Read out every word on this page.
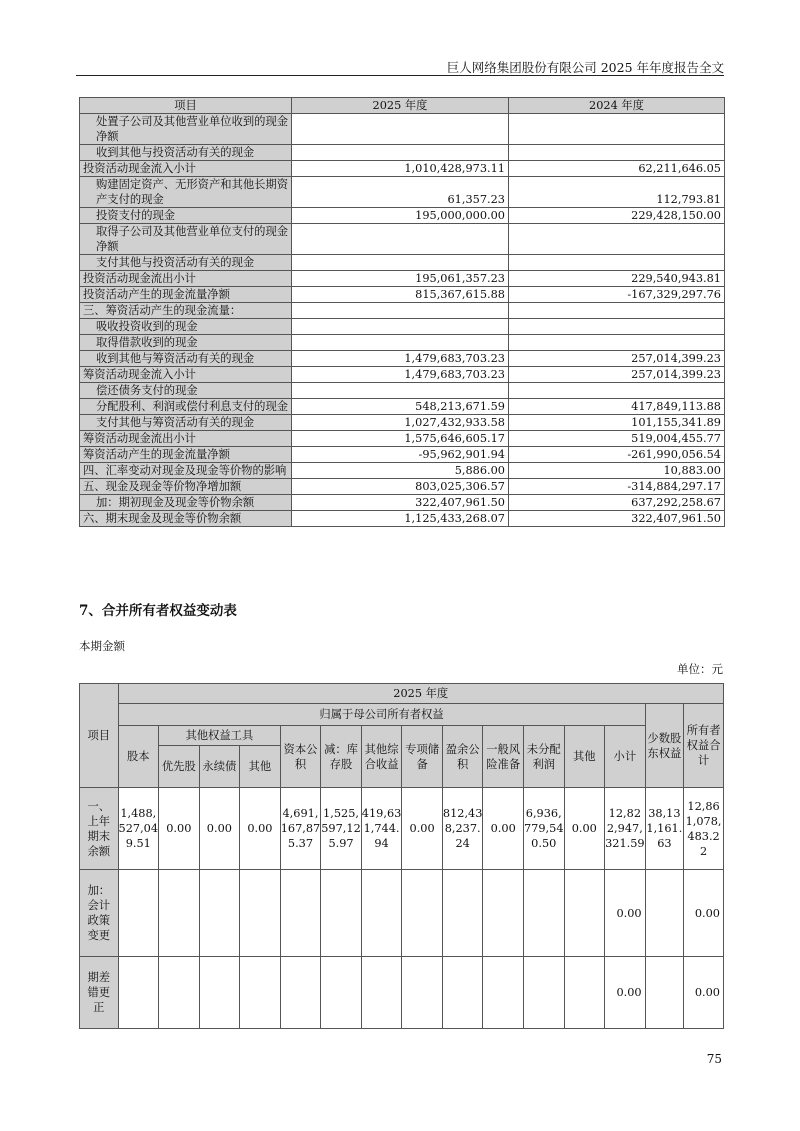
巨人网络集团股份有限公司 2025 年年度报告全文
项目	2025 年度	2024 年度
处置子公司及其他营业单位收到的现金净额		
收到其他与投资活动有关的现金		
投资活动现金流入小计	1,010,428,973.11	62,211,646.05
购建固定资产、无形资产和其他长期资产支付的现金	61,357.23	112,793.81
投资支付的现金	195,000,000.00	229,428,150.00
取得子公司及其他营业单位支付的现金净额		
支付其他与投资活动有关的现金		
投资活动现金流出小计	195,061,357.23	229,540,943.81
投资活动产生的现金流量净额	815,367,615.88	-167,329,297.76
三、筹资活动产生的现金流量：		
吸收投资收到的现金		
取得借款收到的现金		
收到其他与筹资活动有关的现金	1,479,683,703.23	257,014,399.23
筹资活动现金流入小计	1,479,683,703.23	257,014,399.23
偿还债务支付的现金		
分配股利、利润或偿付利息支付的现金	548,213,671.59	417,849,113.88
支付其他与筹资活动有关的现金	1,027,432,933.58	101,155,341.89
筹资活动现金流出小计	1,575,646,605.17	519,004,455.77
筹资活动产生的现金流量净额	-95,962,901.94	-261,990,056.54
四、汇率变动对现金及现金等价物的影响	5,886.00	10,883.00
五、现金及现金等价物净增加额	803,025,306.57	-314,884,297.17
加：期初现金及现金等价物余额	322,407,961.50	637,292,258.67
六、期末现金及现金等价物余额	1,125,433,268.07	322,407,961.50
7、合并所有者权益变动表
本期金额
单位：元
项目	2025 年度														
	归属于母公司所有者权益													少数股东权益	所有者权益合计

	股本	其他权益工具			资本公积	减：库存股	其他综合收益	专项储备	盈余公积	一般风险准备	未分配利润	其他	小计		

		优先股	永续债	其他											

一、上年期末余额	1,488,527,049.51	0.00	0.00	0.00	4,691,167,875.37	1,525,597,125.97	419,631,744.94	0.00	812,438,237.24	0.00	6,936,779,540.50	0.00	12,822,947,321.59	38,131,161.63	12,861,078,483.22

加：会计政策变更													0.00		0.00

期差错更正													0.00		0.00
75
